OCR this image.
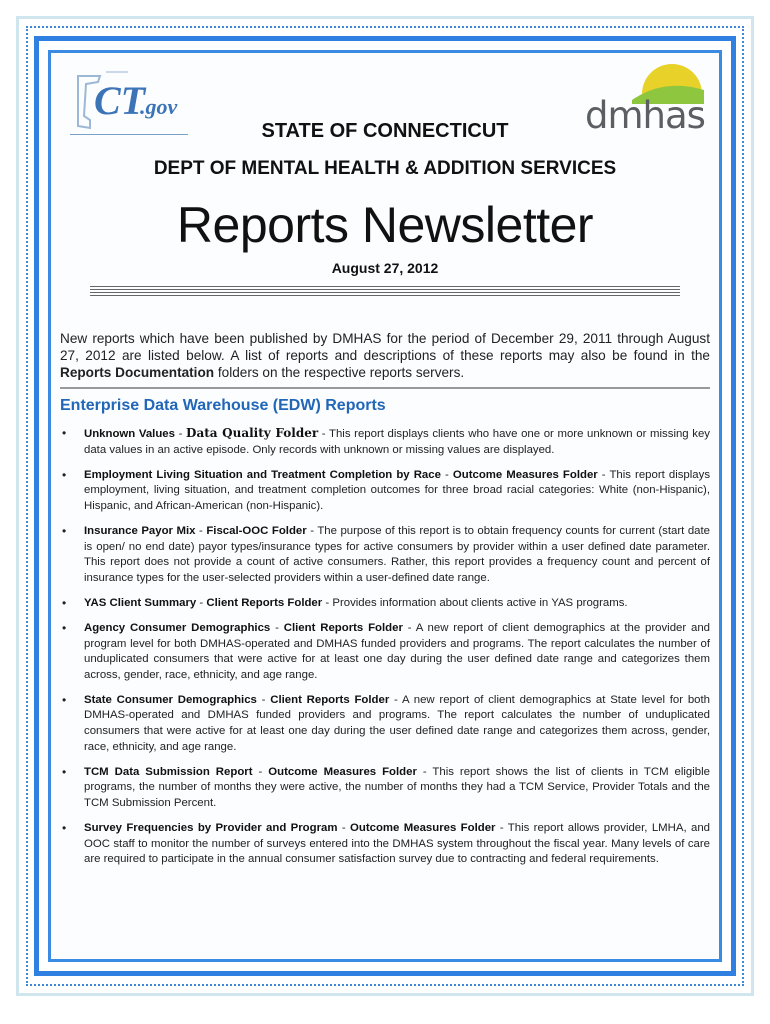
CT
.gov	dmhas
STATE OF CONNECTICUT
DEPT OF MENTAL HEALTH & ADDITION SERVICES
Reports Newsletter
August 27, 2012
New reports which have been published by DMHAS for the period of December 29, 2011 through August 27, 2012 are listed below. A list of reports and descriptions of these reports may also be found in the Reports Documentation folders on the respective reports servers.
Enterprise Data Warehouse (EDW) Reports
• Unknown Values - Data Quality Folder - This report displays clients who have one or more unknown or missing key data values in an active episode. Only records with unknown or missing values are displayed.
• Employment Living Situation and Treatment Completion by Race - Outcome Measures Folder - This report displays employment, living situation, and treatment completion outcomes for three broad racial categories: White (non-Hispanic), Hispanic, and African-American (non-Hispanic).
• Insurance Payor Mix - Fiscal-OOC Folder - The purpose of this report is to obtain frequency counts for current (start date is open/ no end date) payor types/insurance types for active consumers by provider within a user defined date parameter. This report does not provide a count of active consumers. Rather, this report provides a frequency count and percent of insurance types for the user-selected providers within a user-defined date range.
• YAS Client Summary - Client Reports Folder - Provides information about clients active in YAS programs.
• Agency Consumer Demographics - Client Reports Folder - A new report of client demographics at the provider and program level for both DMHAS-operated and DMHAS funded providers and programs. The report calculates the number of unduplicated consumers that were active for at least one day during the user defined date range and categorizes them across, gender, race, ethnicity, and age range.
• State Consumer Demographics - Client Reports Folder - A new report of client demographics at State level for both DMHAS-operated and DMHAS funded providers and programs. The report calculates the number of unduplicated consumers that were active for at least one day during the user defined date range and categorizes them across, gender, race, ethnicity, and age range.
• TCM Data Submission Report - Outcome Measures Folder - This report shows the list of clients in TCM eligible programs, the number of months they were active, the number of months they had a TCM Service, Provider Totals and the TCM Submission Percent.
• Survey Frequencies by Provider and Program - Outcome Measures Folder - This report allows provider, LMHA, and OOC staff to monitor the number of surveys entered into the DMHAS system throughout the fiscal year. Many levels of care are required to participate in the annual consumer satisfaction survey due to contracting and federal requirements.
